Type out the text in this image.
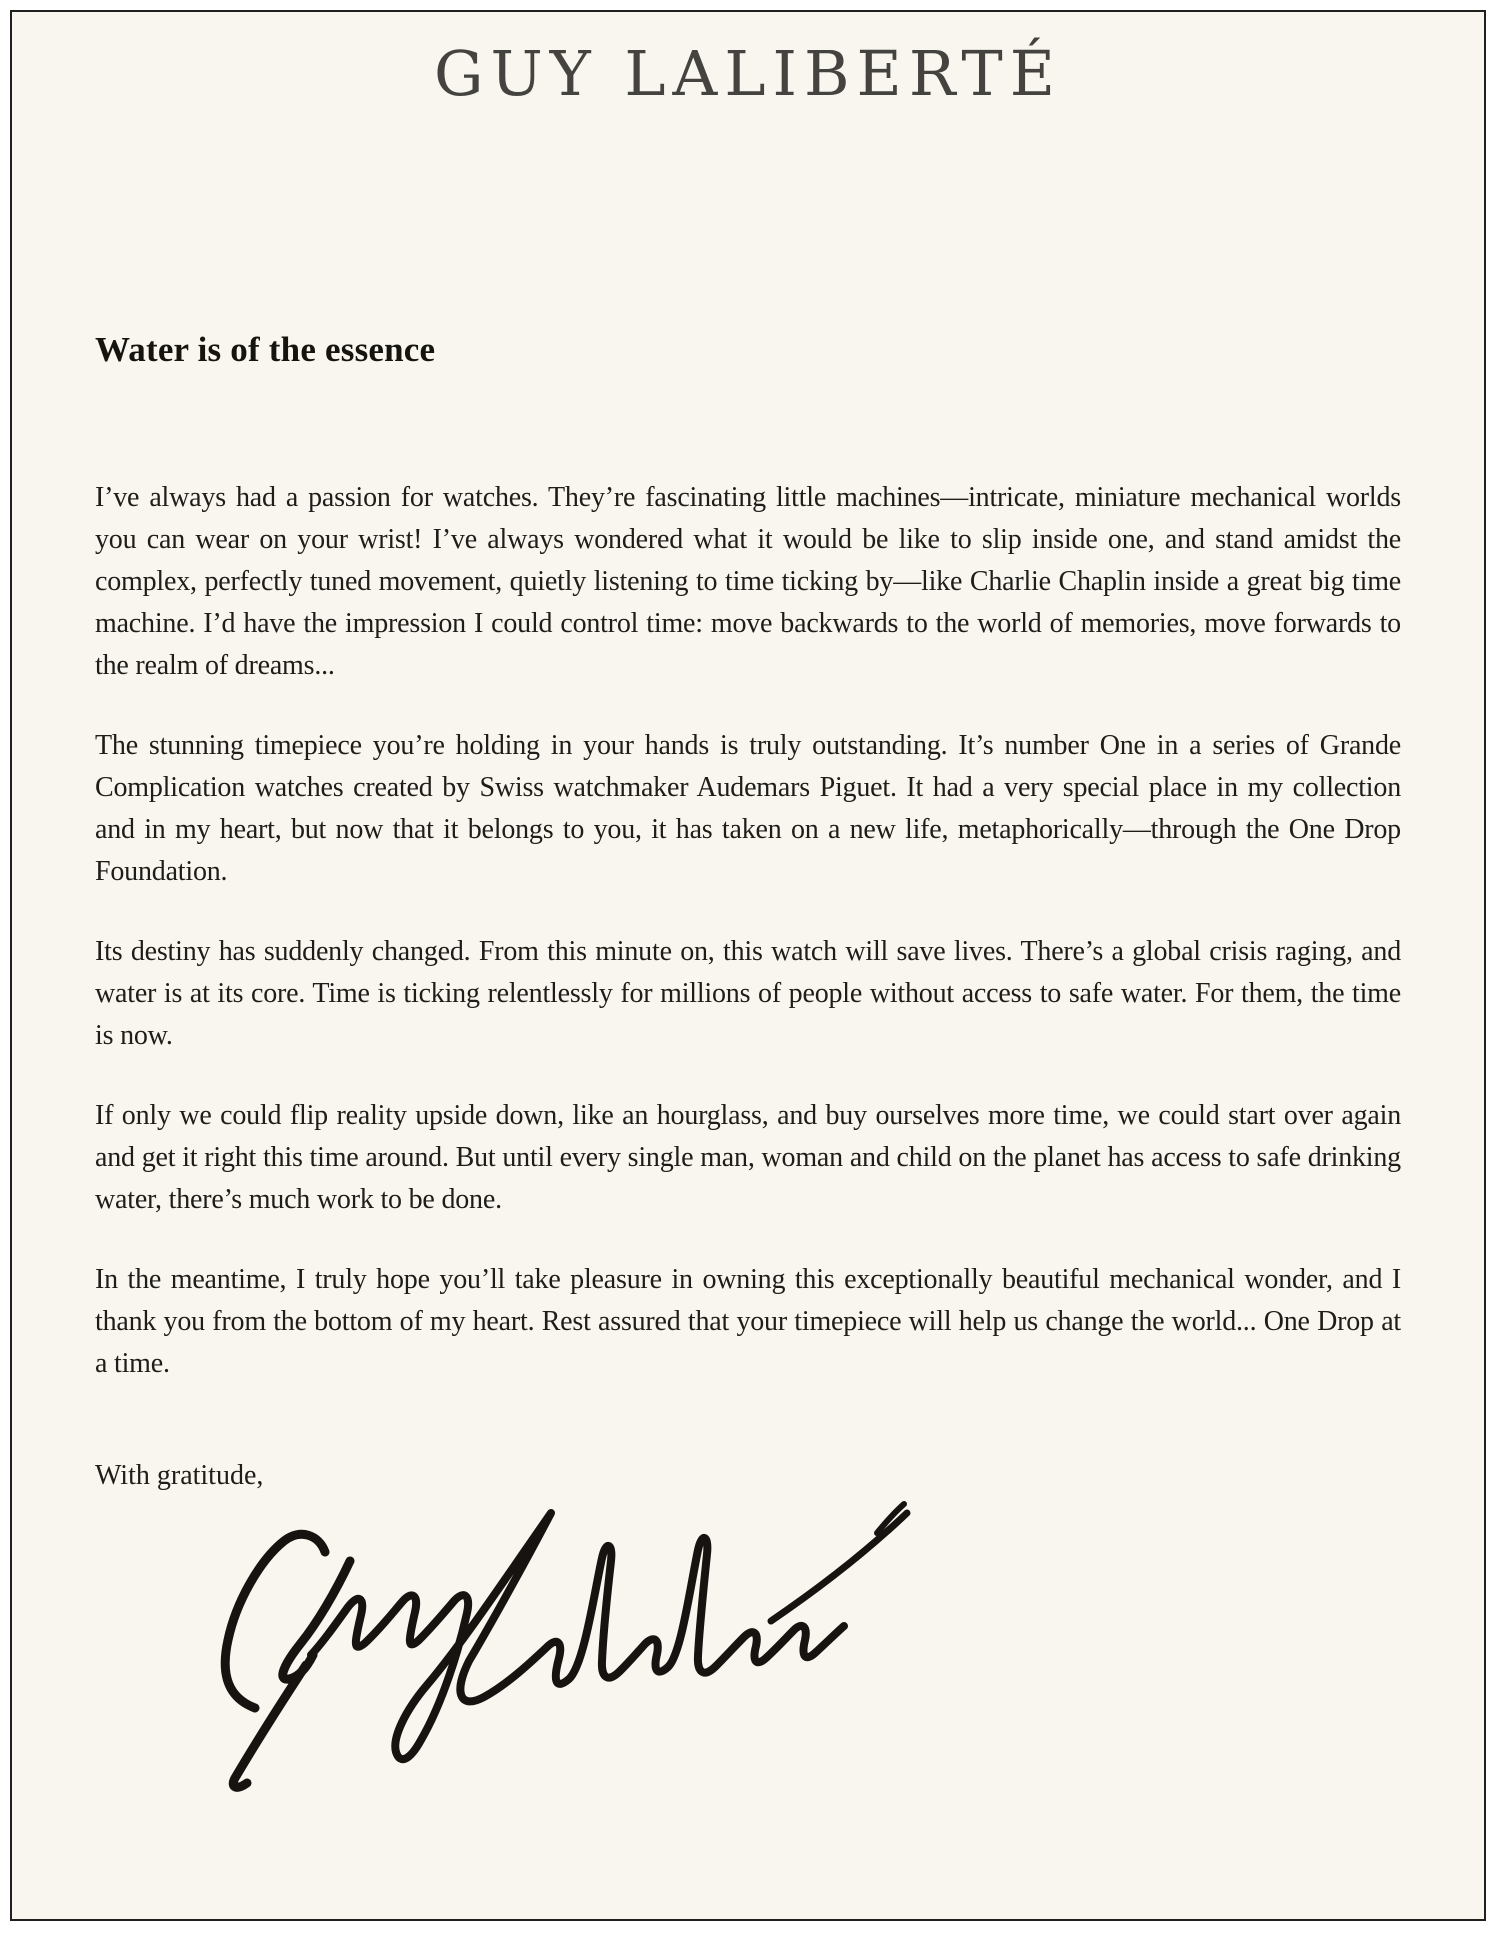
GUY LALIBERTÉ
Water is of the essence

I’ve always had a passion for watches. They’re fascinating little machines—intricate, miniature mechanical worlds you can wear on your wrist! I’ve always wondered what it would be like to slip inside one, and stand amidst the complex, perfectly tuned movement, quietly listening to time ticking by—like Charlie Chaplin inside a great big time machine. I’d have the impression I could control time: move backwards to the world of memories, move forwards to the realm of dreams...

The stunning timepiece you’re holding in your hands is truly outstanding. It’s number One in a series of Grande Complication watches created by Swiss watchmaker Audemars Piguet. It had a very special place in my collection and in my heart, but now that it belongs to you, it has taken on a new life, metaphorically—through the One Drop Foundation.

Its destiny has suddenly changed. From this minute on, this watch will save lives. There’s a global crisis raging, and water is at its core. Time is ticking relentlessly for millions of people without access to safe water. For them, the time is now.

If only we could flip reality upside down, like an hourglass, and buy ourselves more time, we could start over again and get it right this time around. But until every single man, woman and child on the planet has access to safe drinking water, there’s much work to be done.

In the meantime, I truly hope you’ll take pleasure in owning this exceptionally beautiful mechanical wonder, and I thank you from the bottom of my heart. Rest assured that your timepiece will help us change the world... One Drop at a time.

With gratitude,
